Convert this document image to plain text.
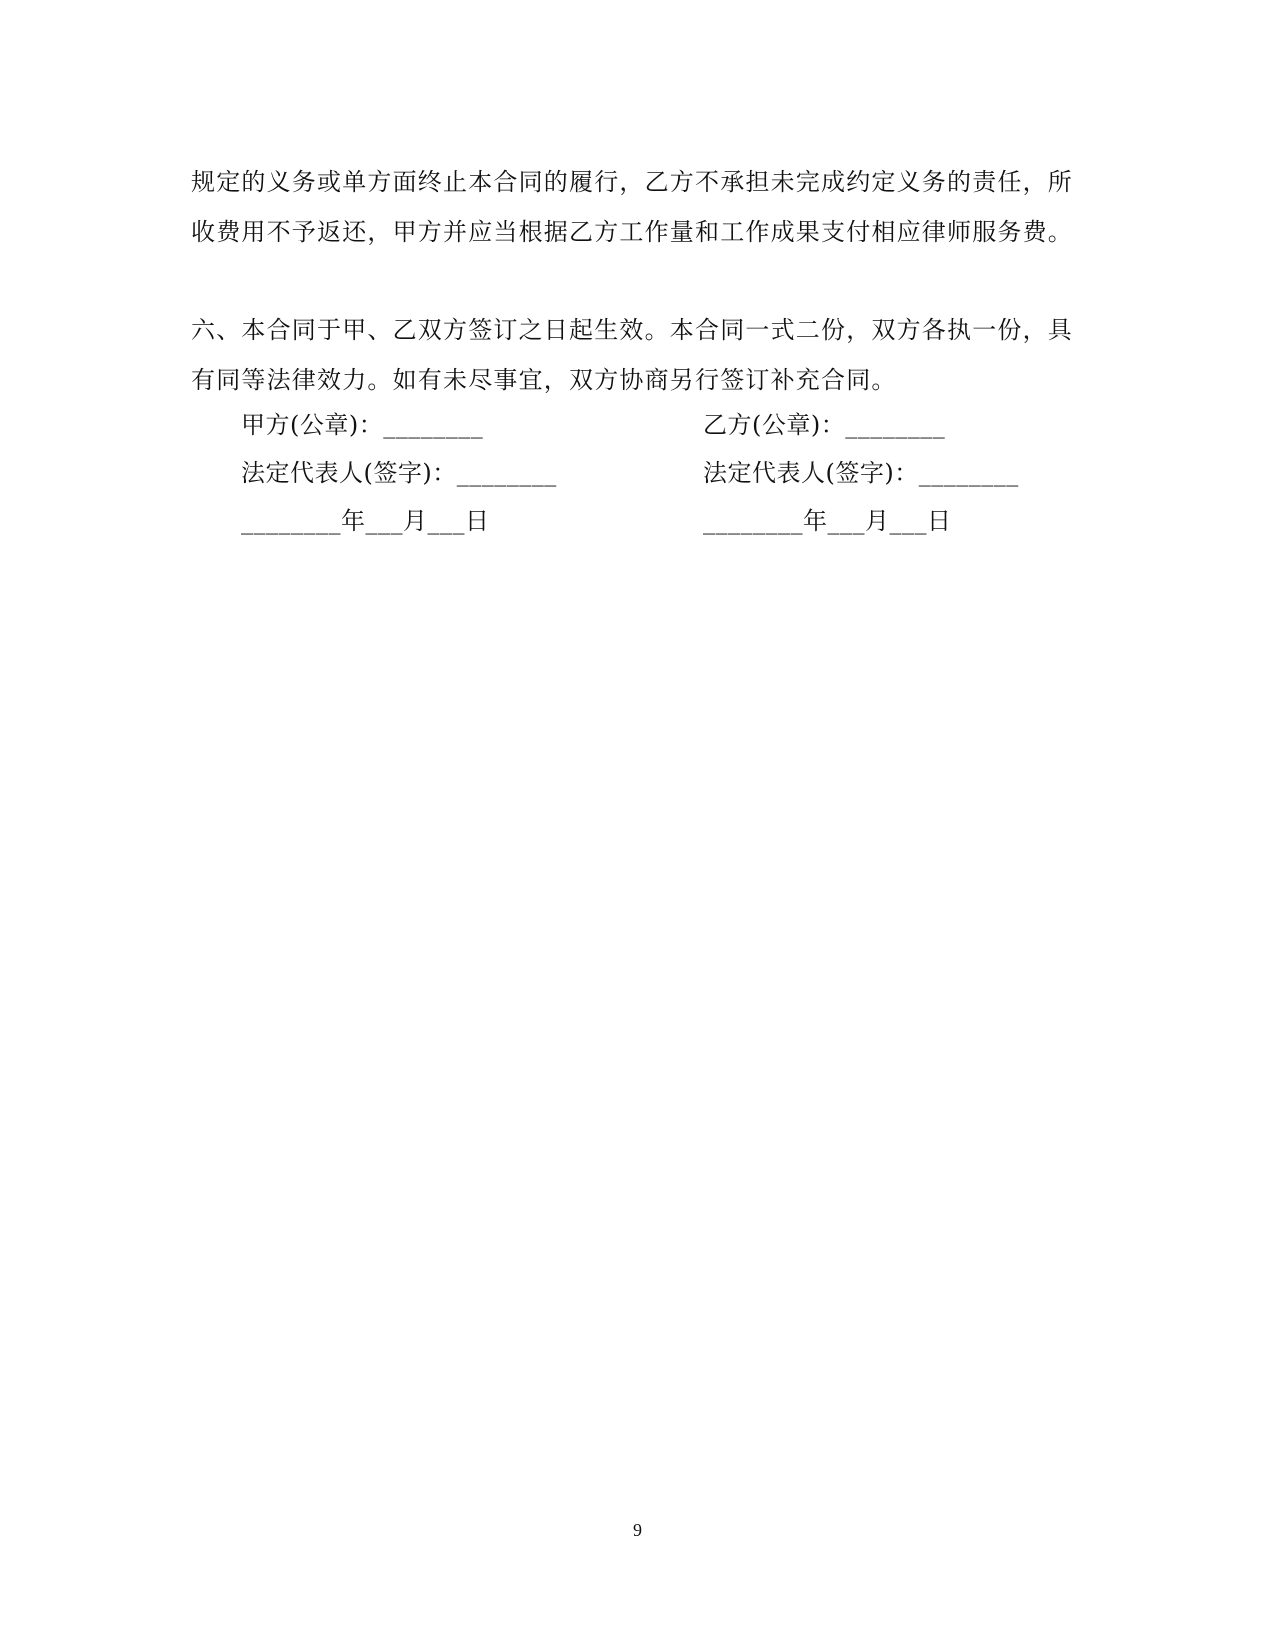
规定的义务或单方面终止本合同的履行，乙方不承担未完成约定义务的责任，所
收费用不予返还，甲方并应当根据乙方工作量和工作成果支付相应律师服务费。
六、本合同于甲、乙双方签订之日起生效。本合同一式二份，双方各执一份，具
有同等法律效力。如有未尽事宜，双方协商另行签订补充合同。
甲方(公章)：________
法定代表人(签字)：________
________年___月___日
乙方(公章)：________
法定代表人(签字)：________
________年___月___日
9
